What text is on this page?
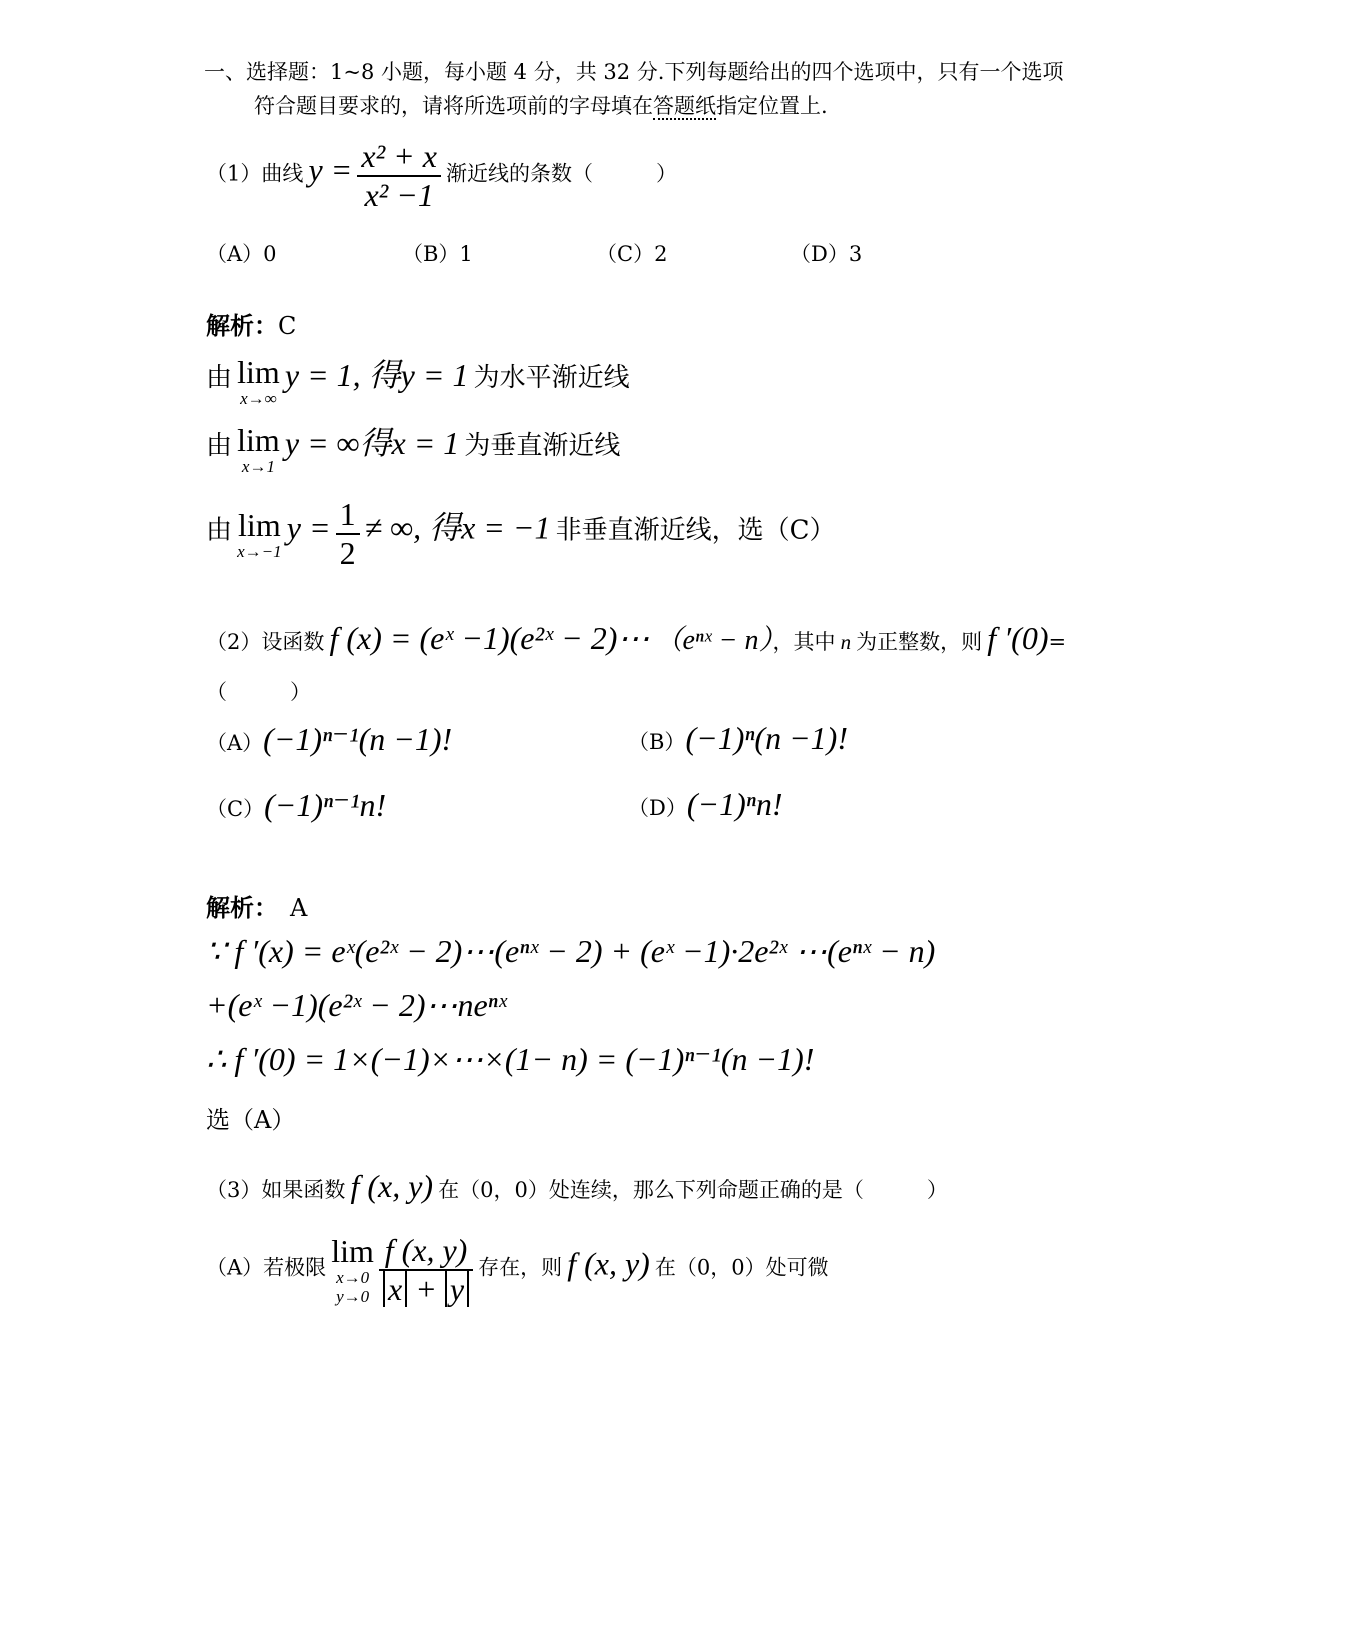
一、选择题：1~8 小题，每小题 4 分，共 32 分.下列每题给出的四个选项中，只有一个选项
符合题目要求的，请将所选项前的字母填在答题纸指定位置上.
（1）曲线 $y = \frac{\text{x² + x}}{\text{x² −1}}$ 渐近线的条数（　　　）
（A）0	（B）1	（C）2	（D）3
解析：C
由 lim
x→∞
y = 1, 得y = 1 为水平渐近线
由 lim
x→1
y = ∞得x = 1 为垂直渐近线
由 lim
x→−1
$y = \frac{1}{2}$ ≠ ∞, 得x = −1 非垂直渐近线，选（C）
（2）设函数 f (x) = (eˣ −1)(e²ˣ − 2)⋯ （eⁿˣ − n），其中 n 为正整数，则 f ′(0)=
（　　　）
（A）(−1)ⁿ⁻¹(n −1)!	（B）(−1)ⁿ(n −1)!
（C）(−1)ⁿ⁻¹n!	（D）(−1)ⁿn!
解析： A
∵ f ′(x) = eˣ(e²ˣ − 2)⋯(eⁿˣ − 2) + (eˣ −1)·2e²ˣ ⋯(eⁿˣ − n)
+(eˣ −1)(e²ˣ − 2)⋯neⁿˣ
∴ f ′(0) = 1×(−1)×⋯×(1− n) = (−1)ⁿ⁻¹(n −1)!
选（A）
（3）如果函数 f (x, y) 在（0，0）处连续，那么下列命题正确的是（　　　）
（A）若极限 lim
x→0
y→0
$\frac{f (x, y)}{x + y}$ 存在，则 f (x, y) 在（0，0）处可微
